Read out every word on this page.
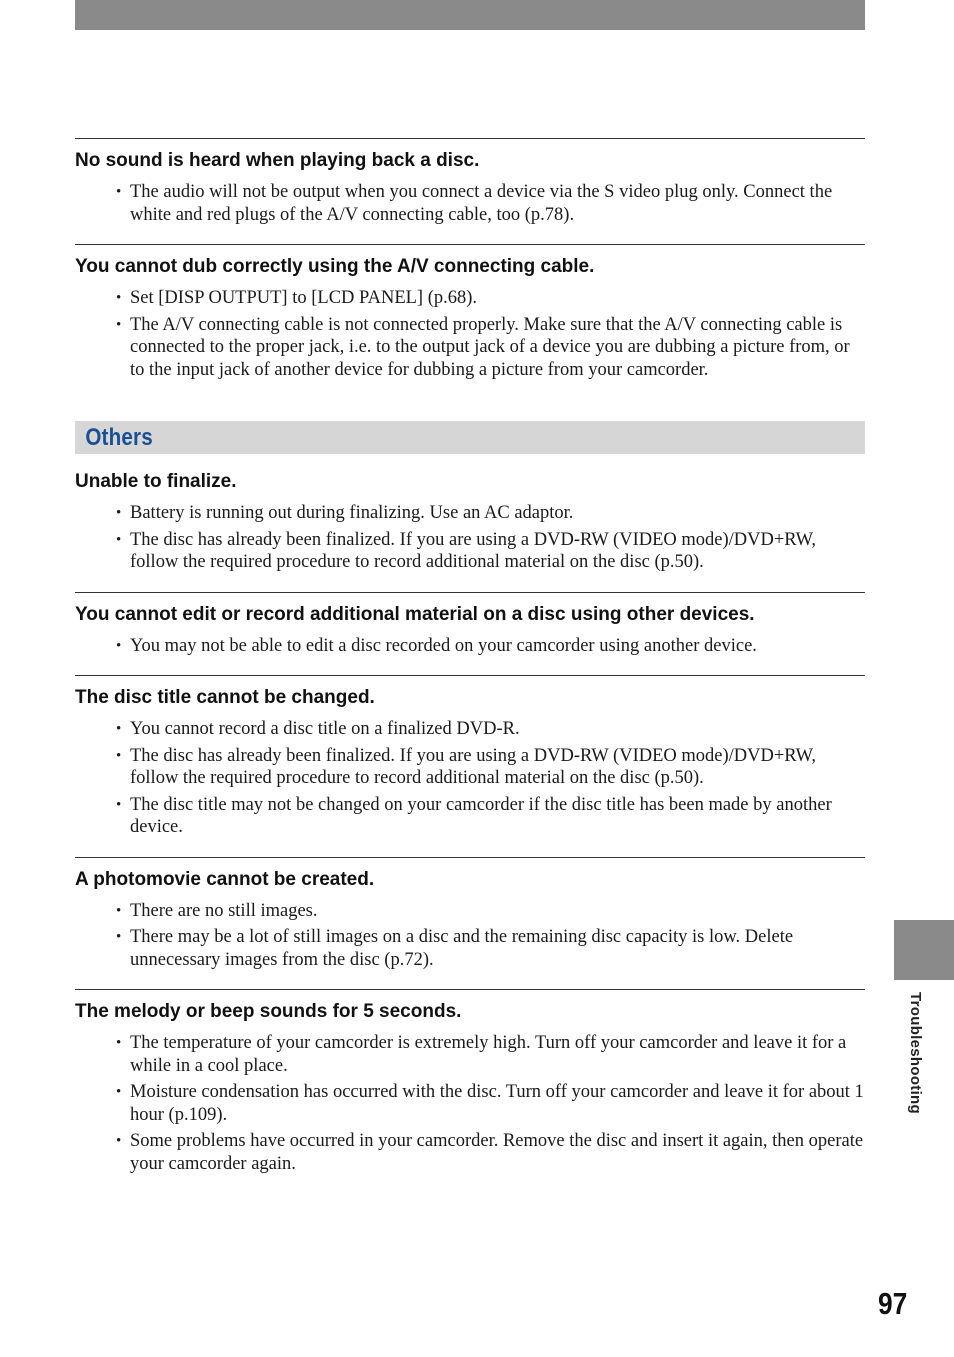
No sound is heard when playing back a disc.
• The audio will not be output when you connect a device via the S video plug only. Connect the white and red plugs of the A/V connecting cable, too (p.78).
You cannot dub correctly using the A/V connecting cable.
• Set [DISP OUTPUT] to [LCD PANEL] (p.68).
• The A/V connecting cable is not connected properly. Make sure that the A/V connecting cable is connected to the proper jack, i.e. to the output jack of a device you are dubbing a picture from, or to the input jack of another device for dubbing a picture from your camcorder.
Others
Unable to finalize.
• Battery is running out during finalizing. Use an AC adaptor.
• The disc has already been finalized. If you are using a DVD-RW (VIDEO mode)/DVD+RW, follow the required procedure to record additional material on the disc (p.50).
You cannot edit or record additional material on a disc using other devices.
• You may not be able to edit a disc recorded on your camcorder using another device.
The disc title cannot be changed.
• You cannot record a disc title on a finalized DVD-R.
• The disc has already been finalized. If you are using a DVD-RW (VIDEO mode)/DVD+RW, follow the required procedure to record additional material on the disc (p.50).
• The disc title may not be changed on your camcorder if the disc title has been made by another device.
A photomovie cannot be created.
• There are no still images.
• There may be a lot of still images on a disc and the remaining disc capacity is low. Delete unnecessary images from the disc (p.72).
The melody or beep sounds for 5 seconds.
• The temperature of your camcorder is extremely high. Turn off your camcorder and leave it for a while in a cool place.
• Moisture condensation has occurred with the disc. Turn off your camcorder and leave it for about 1 hour (p.109).
• Some problems have occurred in your camcorder. Remove the disc and insert it again, then operate your camcorder again.
Troubleshooting
97
